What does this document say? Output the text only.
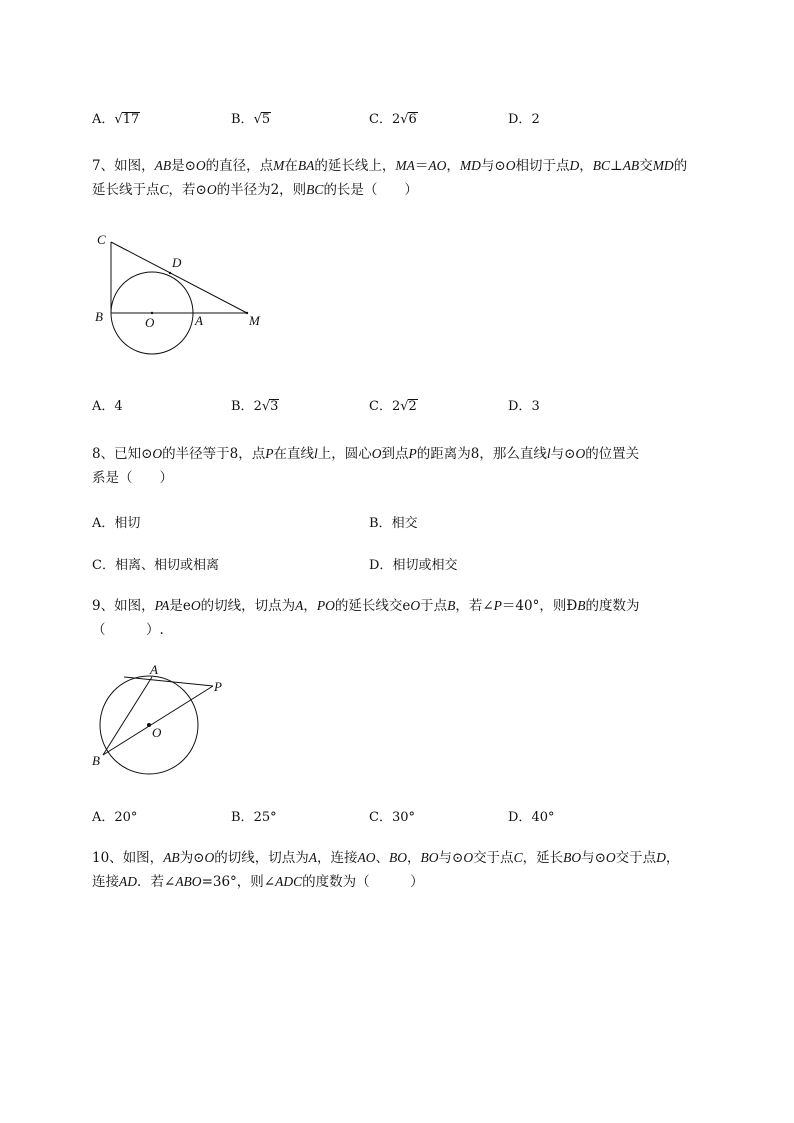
A．√17	B．√5	C．2√6	D．2

7、如图，AB是⊙O的直径，点M在BA的延长线上，MA＝AO，MD与⊙O相切于点D，BC⊥AB交MD的

延长线于点C，若⊙O的半径为2，则BC的长是（　　）

C
D
B	O	A	M
A．4	B．2√3	C．2√2	D．3

8、已知⊙O的半径等于8，点P在直线l上，圆心O到点P的距离为8，那么直线l与⊙O的位置关

系是（　　）

A．相切	B．相交
C．相离、相切或相离	D．相切或相交

9、如图，PA是eO的切线，切点为A，PO的延长线交eO于点B，若∠P＝40°，则ÐB的度数为

（　　　）.

A
P
O
B
A．20°	B．25°	C．30°	D．40°

10、如图，AB为⊙O的切线，切点为A，连接AO、BO，BO与⊙O交于点C，延长BO与⊙O交于点D，

连接AD．若∠ABO=36°，则∠ADC的度数为（　　　）
